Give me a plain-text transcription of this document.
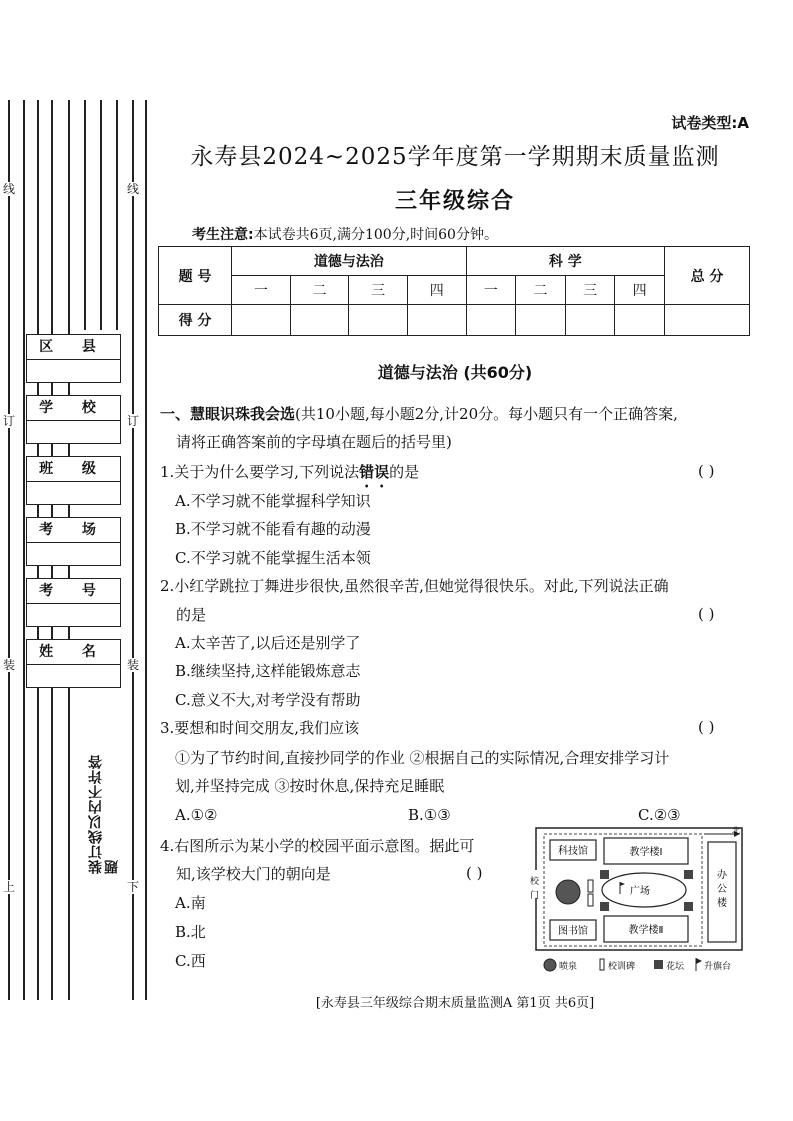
线
订
装
上
线
订
装
下
区 县
学 校
班 级
考 场
考 号
姓 名
装订线以内不许答题
试卷类型:A
永寿县2024~2025学年度第一学期期末质量监测
三年级综合
考生注意:本试卷共6页,满分100分,时间60分钟。
题 号	道德与法治				科 学				总 分
	一	二	三	四	一	二	三	四	
得 分									
道德与法治 (共60分)
一、慧眼识珠我会选(共10小题,每小题2分,计20分。每小题只有一个正确答案,
请将正确答案前的字母填在题后的括号里)
1.关于为什么要学习,下列说法错误的是	( )
A.不学习就不能掌握科学知识
B.不学习就不能看有趣的动漫
C.不学习就不能掌握生活本领
2.小红学跳拉丁舞进步很快,虽然很辛苦,但她觉得很快乐。对此,下列说法正确
的是	( )
A.太辛苦了,以后还是别学了
B.继续坚持,这样能锻炼意志
C.意义不大,对考学没有帮助
3.要想和时间交朋友,我们应该	( )
①为了节约时间,直接抄同学的作业 ②根据自己的实际情况,合理安排学习计
划,并坚持完成 ③按时休息,保持充足睡眠
A.①②	B.①③	C.②③
4.右图所示为某小学的校园平面示意图。据此可
知,该学校大门的朝向是	( )
A.南
B.北
C.西
北
科技馆	教学楼Ⅰ
图书馆	教学楼Ⅱ
办
公
楼
广场
校
门
喷泉	校训碑	花坛 升旗台
[永寿县三年级综合期末质量监测A 第1页 共6页]
